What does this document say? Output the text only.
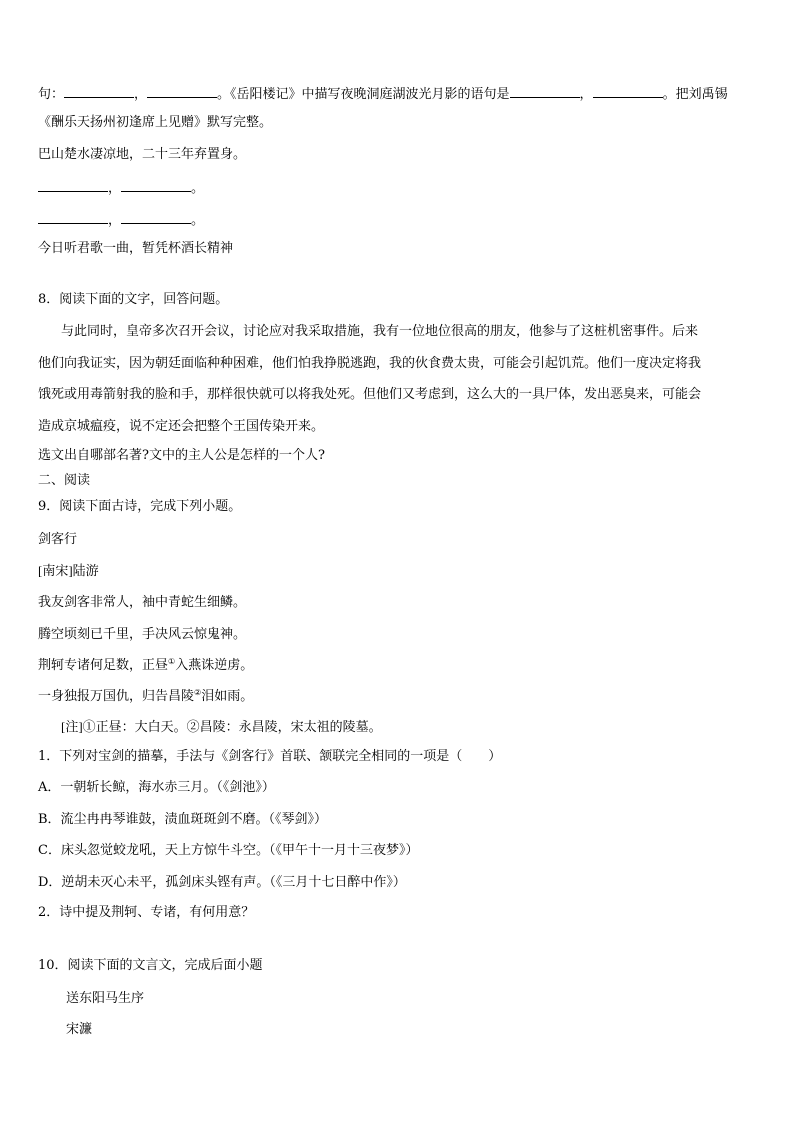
句：	，	。《岳阳楼记》中描写夜晚洞庭湖波光月影的语句是	，	。把刘禹锡
《酬乐天扬州初逢席上见赠》默写完整。
巴山楚水凄凉地，二十三年弃置身。
，	。
，	。
今日听君歌一曲，暂凭杯酒长精神
8．阅读下面的文字，回答问题。
与此同时，皇帝多次召开会议，讨论应对我采取措施，我有一位地位很高的朋友，他参与了这桩机密事件。后来
他们向我证实，因为朝廷面临种种困难，他们怕我挣脱逃跑，我的伙食费太贵，可能会引起饥荒。他们一度决定将我
饿死或用毒箭射我的脸和手，那样很快就可以将我处死。但他们又考虑到，这么大的一具尸体，发出恶臭来，可能会
造成京城瘟疫，说不定还会把整个王国传染开来。
选文出自哪部名著?文中的主人公是怎样的一个人?
二、阅读
9．阅读下面古诗，完成下列小题。
剑客行
[南宋]陆游
我友剑客非常人，袖中青蛇生细鳞。
腾空顷刻已千里，手决风云惊鬼神。
荆轲专诸何足数，正昼①入燕诛逆虏。
一身独报万国仇，归告昌陵②泪如雨。
[注]①正昼：大白天。②昌陵：永昌陵，宋太祖的陵墓。
1．下列对宝剑的描摹，手法与《剑客行》首联、颔联完全相同的一项是（　　）
A．一朝斩长鲸，海水赤三月。（《剑池》）
B．流尘冉冉琴谁鼓，渍血斑斑剑不磨。（《琴剑》）
C．床头忽觉蛟龙吼，天上方惊牛斗空。（《甲午十一月十三夜梦》）
D．逆胡未灭心未平，孤剑床头铿有声。（《三月十七日醉中作》）
2．诗中提及荆轲、专诸，有何用意？
10．阅读下面的文言文，完成后面小题
送东阳马生序
宋濂
